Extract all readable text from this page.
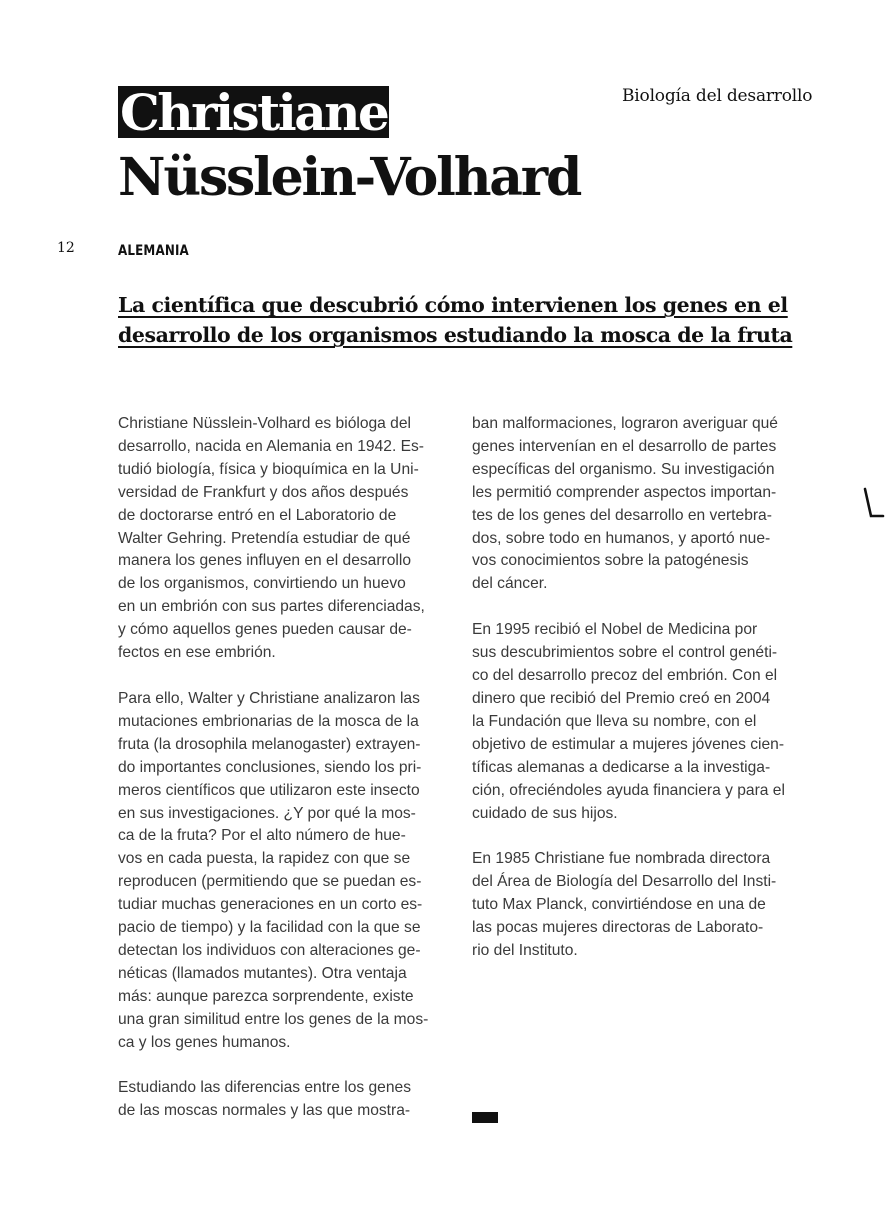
Biología del desarrollo
Christiane
Nüsslein-Volhard
12	ALEMANIA
La científica que descubrió cómo intervienen los genes en el desarrollo de los organismos estudiando la mosca de la fruta

Christiane Nüsslein-Volhard es bióloga del
desarrollo, nacida en Alemania en 1942. Es-
tudió biología, física y bioquímica en la Uni-
versidad de Frankfurt y dos años después
de doctorarse entró en el Laboratorio de
Walter Gehring. Pretendía estudiar de qué
manera los genes influyen en el desarrollo
de los organismos, convirtiendo un huevo
en un embrión con sus partes diferenciadas,
y cómo aquellos genes pueden causar de-
fectos en ese embrión.

Para ello, Walter y Christiane analizaron las
mutaciones embrionarias de la mosca de la
fruta (la drosophila melanogaster) extrayen-
do importantes conclusiones, siendo los pri-
meros científicos que utilizaron este insecto
en sus investigaciones. ¿Y por qué la mos-
ca de la fruta? Por el alto número de hue-
vos en cada puesta, la rapidez con que se
reproducen (permitiendo que se puedan es-
tudiar muchas generaciones en un corto es-
pacio de tiempo) y la facilidad con la que se
detectan los individuos con alteraciones ge-
néticas (llamados mutantes). Otra ventaja
más: aunque parezca sorprendente, existe
una gran similitud entre los genes de la mos-
ca y los genes humanos.

Estudiando las diferencias entre los genes
de las moscas normales y las que mostra-

ban malformaciones, lograron averiguar qué
genes intervenían en el desarrollo de partes
específicas del organismo. Su investigación
les permitió comprender aspectos importan-
tes de los genes del desarrollo en vertebra-
dos, sobre todo en humanos, y aportó nue-
vos conocimientos sobre la patogénesis
del cáncer.

En 1995 recibió el Nobel de Medicina por
sus descubrimientos sobre el control genéti-
co del desarrollo precoz del embrión. Con el
dinero que recibió del Premio creó en 2004
la Fundación que lleva su nombre, con el
objetivo de estimular a mujeres jóvenes cien-
tíficas alemanas a dedicarse a la investiga-
ción, ofreciéndoles ayuda financiera y para el
cuidado de sus hijos.

En 1985 Christiane fue nombrada directora
del Área de Biología del Desarrollo del Insti-
tuto Max Planck, convirtiéndose en una de
las pocas mujeres directoras de Laborato-
rio del Instituto.
